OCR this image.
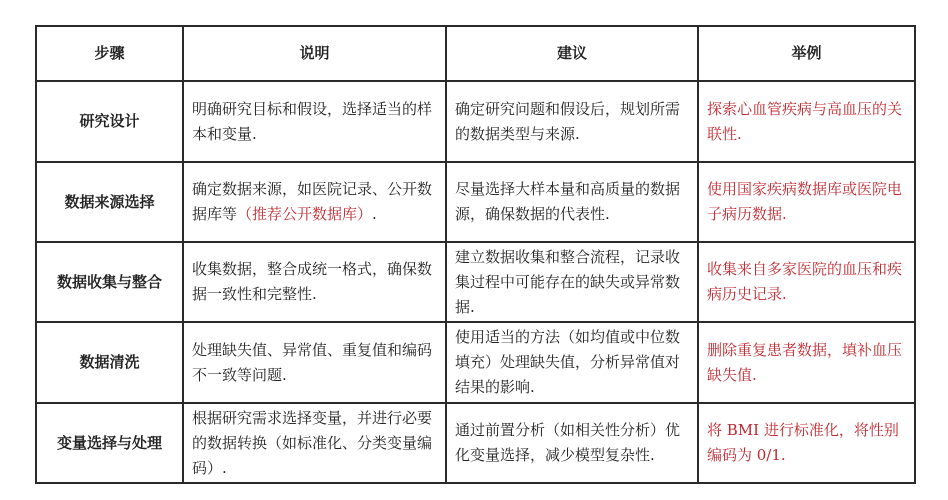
步骤	说明	建议	举例
研究设计	明确研究目标和假设，选择适当的样本和变量.	确定研究问题和假设后，规划所需的数据类型与来源.	探索心血管疾病与高血压的关联性.
数据来源选择	确定数据来源，如医院记录、公开数据库等（推荐公开数据库）.	尽量选择大样本量和高质量的数据源，确保数据的代表性.	使用国家疾病数据库或医院电子病历数据.
数据收集与整合	收集数据，整合成统一格式，确保数据一致性和完整性.	建立数据收集和整合流程，记录收集过程中可能存在的缺失或异常数据.	收集来自多家医院的血压和疾病历史记录.
数据清洗	处理缺失值、异常值、重复值和编码不一致等问题.	使用适当的方法（如均值或中位数填充）处理缺失值，分析异常值对结果的影响.	删除重复患者数据，填补血压缺失值.
变量选择与处理	根据研究需求选择变量，并进行必要的数据转换（如标准化、分类变量编码）.	通过前置分析（如相关性分析）优化变量选择，减少模型复杂性.	将 BMI 进行标准化，将性别编码为 0/1.
